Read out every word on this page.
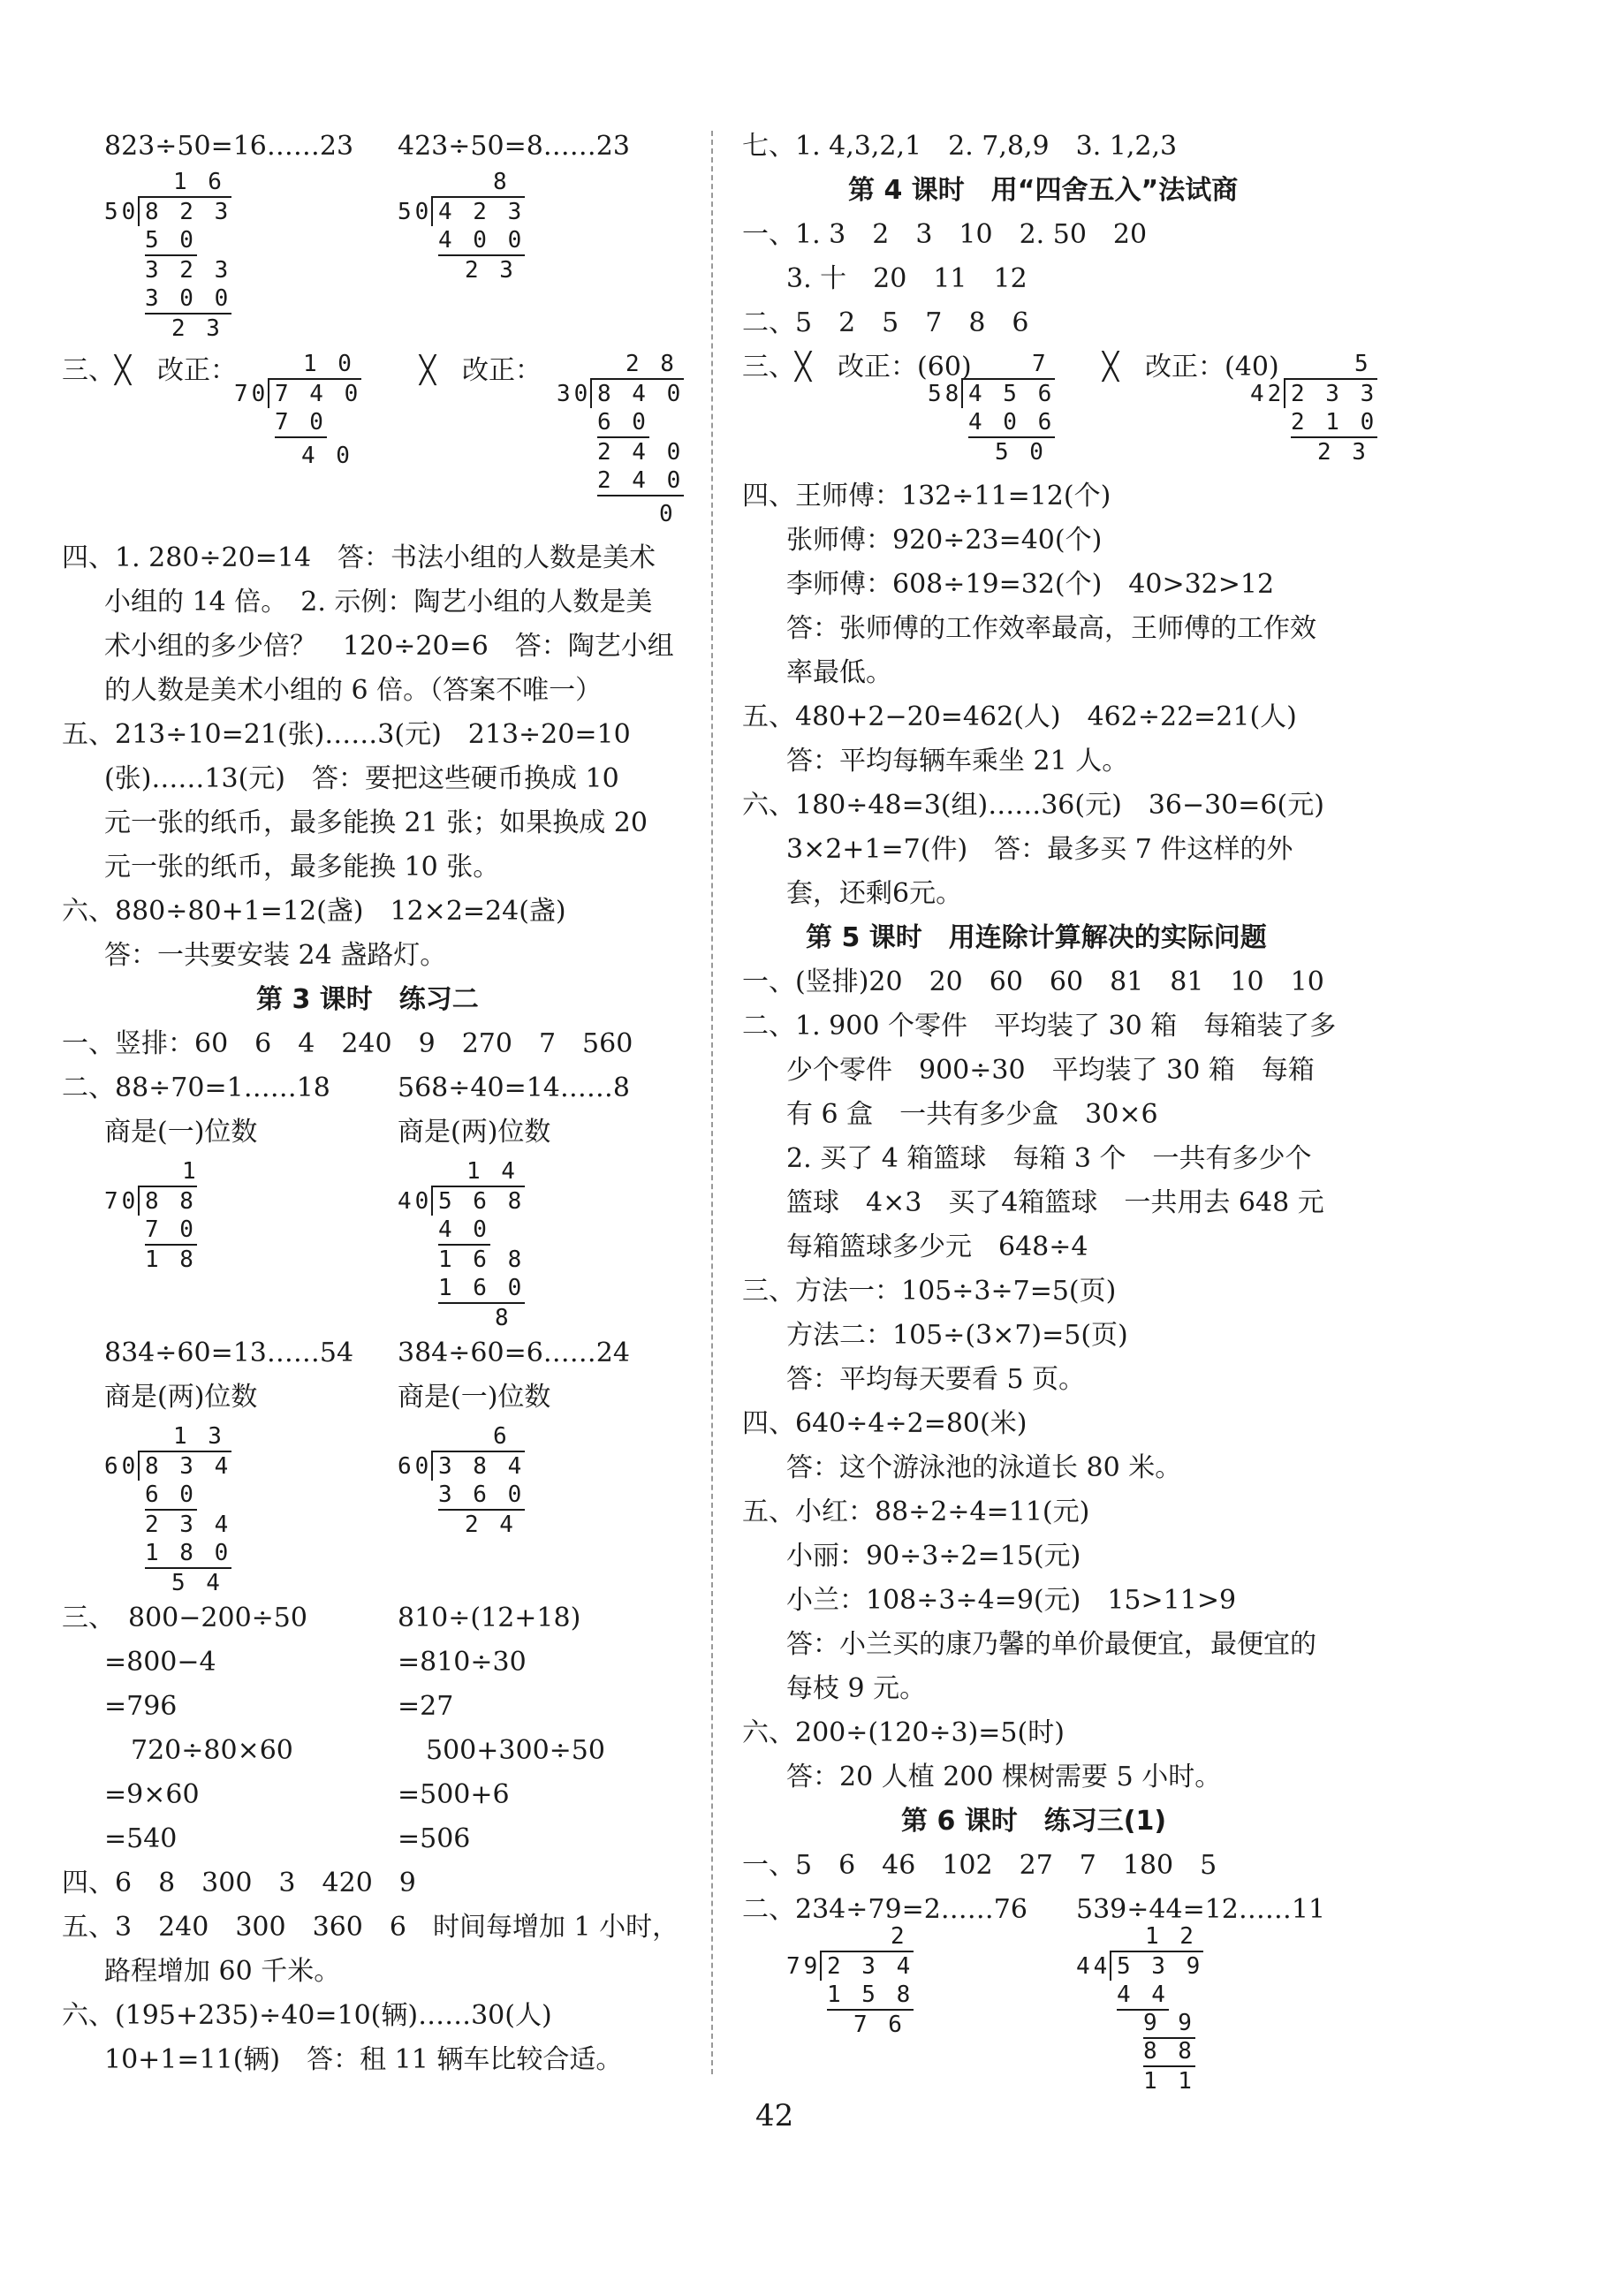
823÷50=16……23 423÷50=8……23
1 6
50 8 2 3
5 0
3 2 3
3 0 0
2 3
8
50 4 2 3
4 0 0
2 3
三、╳　改正：	╳　改正：
1 0
70 7 4 0
7 0
4 0
2 8
30 8 4 0
6 0
2 4 0
2 4 0
0
四、1. 280÷20=14　答：书法小组的人数是美术
小组的 14 倍。　2. 示例：陶艺小组的人数是美
术小组的多少倍？　120÷20=6　答：陶艺小组
的人数是美术小组的 6 倍。（答案不唯一）
五、213÷10=21(张)……3(元)　213÷20=10
(张)……13(元)　答：要把这些硬币换成 10
元一张的纸币，最多能换 21 张；如果换成 20
元一张的纸币，最多能换 10 张。
六、880÷80+1=12(盏)　12×2=24(盏)
答：一共要安装 24 盏路灯。
第 3 课时　练习二
一、竖排：60　6　4　240　9　270　7　560
二、88÷70=1……18	568÷40=14……8
商是(一)位数	商是(两)位数
1
70 8 8
7 0
1 8
1 4
40 5 6 8
4 0
1 6 8
1 6 0
8
834÷60=13……54 384÷60=6……24
商是(两)位数	商是(一)位数
1 3
60 8 3 4
6 0
2 3 4
1 8 0
5 4
6
60 3 8 4
3 6 0
2 4
三、　800−200÷50	810÷(12+18)
=800−4	=810÷30
=796	=27
720÷80×60	500+300÷50
=9×60	=500+6
=540	=506
四、6　8　300　3　420　9
五、3　240　300　360　6　时间每增加 1 小时，
路程增加 60 千米。
六、(195+235)÷40=10(辆)……30(人)
10+1=11(辆)　答：租 11 辆车比较合适。
七、1. 4,3,2,1　2. 7,8,9　3. 1,2,3
第 4 课时　用“四舍五入”法试商
一、1. 3　2　3　10　2. 50　20
3. 十　20　11　12
二、5　2　5　7　8　6
三、╳　改正：(60)	╳　改正：(40)
7
58 4 5 6
4 0 6
5 0
5
42 2 3 3
2 1 0
2 3
四、王师傅：132÷11=12(个)
张师傅：920÷23=40(个)
李师傅：608÷19=32(个)　40>32>12
答：张师傅的工作效率最高，王师傅的工作效
率最低。
五、480+2−20=462(人)　462÷22=21(人)
答：平均每辆车乘坐 21 人。
六、180÷48=3(组)……36(元)　36−30=6(元)
3×2+1=7(件)　答：最多买 7 件这样的外
套，还剩6元。
第 5 课时　用连除计算解决的实际问题
一、(竖排)20　20　60　60　81　81　10　10
二、1. 900 个零件　平均装了 30 箱　每箱装了多
少个零件　900÷30　平均装了 30 箱　每箱
有 6 盒　一共有多少盒　30×6
2. 买了 4 箱篮球　每箱 3 个　一共有多少个
篮球　4×3　买了4箱篮球　一共用去 648 元
每箱篮球多少元　648÷4
三、方法一：105÷3÷7=5(页)
方法二：105÷(3×7)=5(页)
答：平均每天要看 5 页。
四、640÷4÷2=80(米)
答：这个游泳池的泳道长 80 米。
五、小红：88÷2÷4=11(元)
小丽：90÷3÷2=15(元)
小兰：108÷3÷4=9(元)　15>11>9
答：小兰买的康乃馨的单价最便宜，最便宜的
每枝 9 元。
六、200÷(120÷3)=5(时)
答：20 人植 200 棵树需要 5 小时。
第 6 课时　练习三(1)
一、5　6　46　102　27　7　180　5
二、234÷79=2……76 539÷44=12……11
2
79 2 3 4
1 5 8
7 6
1 2
44 5 3 9
4 4
9 9
8 8
1 1
42
